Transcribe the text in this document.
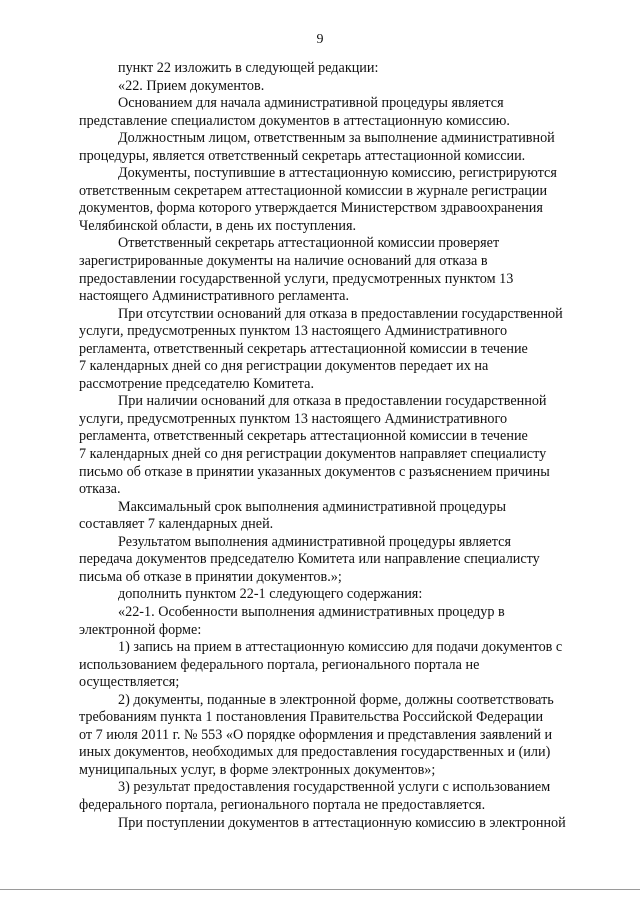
9

пункт 22 изложить в следующей редакции:

«22. Прием документов.

Основанием для начала административной процедуры является
представление специалистом документов в аттестационную комиссию.

Должностным лицом, ответственным за выполнение административной
процедуры, является ответственный секретарь аттестационной комиссии.

Документы, поступившие в аттестационную комиссию, регистрируются
ответственным секретарем аттестационной комиссии в журнале регистрации
документов, форма которого утверждается Министерством здравоохранения
Челябинской области, в день их поступления.

Ответственный секретарь аттестационной комиссии проверяет
зарегистрированные документы на наличие оснований для отказа в
предоставлении государственной услуги, предусмотренных пунктом 13
настоящего Административного регламента.

При отсутствии оснований для отказа в предоставлении государственной
услуги, предусмотренных пунктом 13 настоящего Административного
регламента, ответственный секретарь аттестационной комиссии в течение
7 календарных дней со дня регистрации документов передает их на
рассмотрение председателю Комитета.

При наличии оснований для отказа в предоставлении государственной
услуги, предусмотренных пунктом 13 настоящего Административного
регламента, ответственный секретарь аттестационной комиссии в течение
7 календарных дней со дня регистрации документов направляет специалисту
письмо об отказе в принятии указанных документов с разъяснением причины
отказа.

Максимальный срок выполнения административной процедуры
составляет 7 календарных дней.

Результатом выполнения административной процедуры является
передача документов председателю Комитета или направление специалисту
письма об отказе в принятии документов.»;

дополнить пунктом 22-1 следующего содержания:

«22-1. Особенности выполнения административных процедур в
электронной форме:

1) запись на прием в аттестационную комиссию для подачи документов с
использованием федерального портала, регионального портала не
осуществляется;

2) документы, поданные в электронной форме, должны соответствовать
требованиям пункта 1 постановления Правительства Российской Федерации
от 7 июля 2011 г. № 553 «О порядке оформления и представления заявлений и
иных документов, необходимых для предоставления государственных и (или)
муниципальных услуг, в форме электронных документов»;

3) результат предоставления государственной услуги с использованием
федерального портала, регионального портала не предоставляется.

При поступлении документов в аттестационную комиссию в электронной
